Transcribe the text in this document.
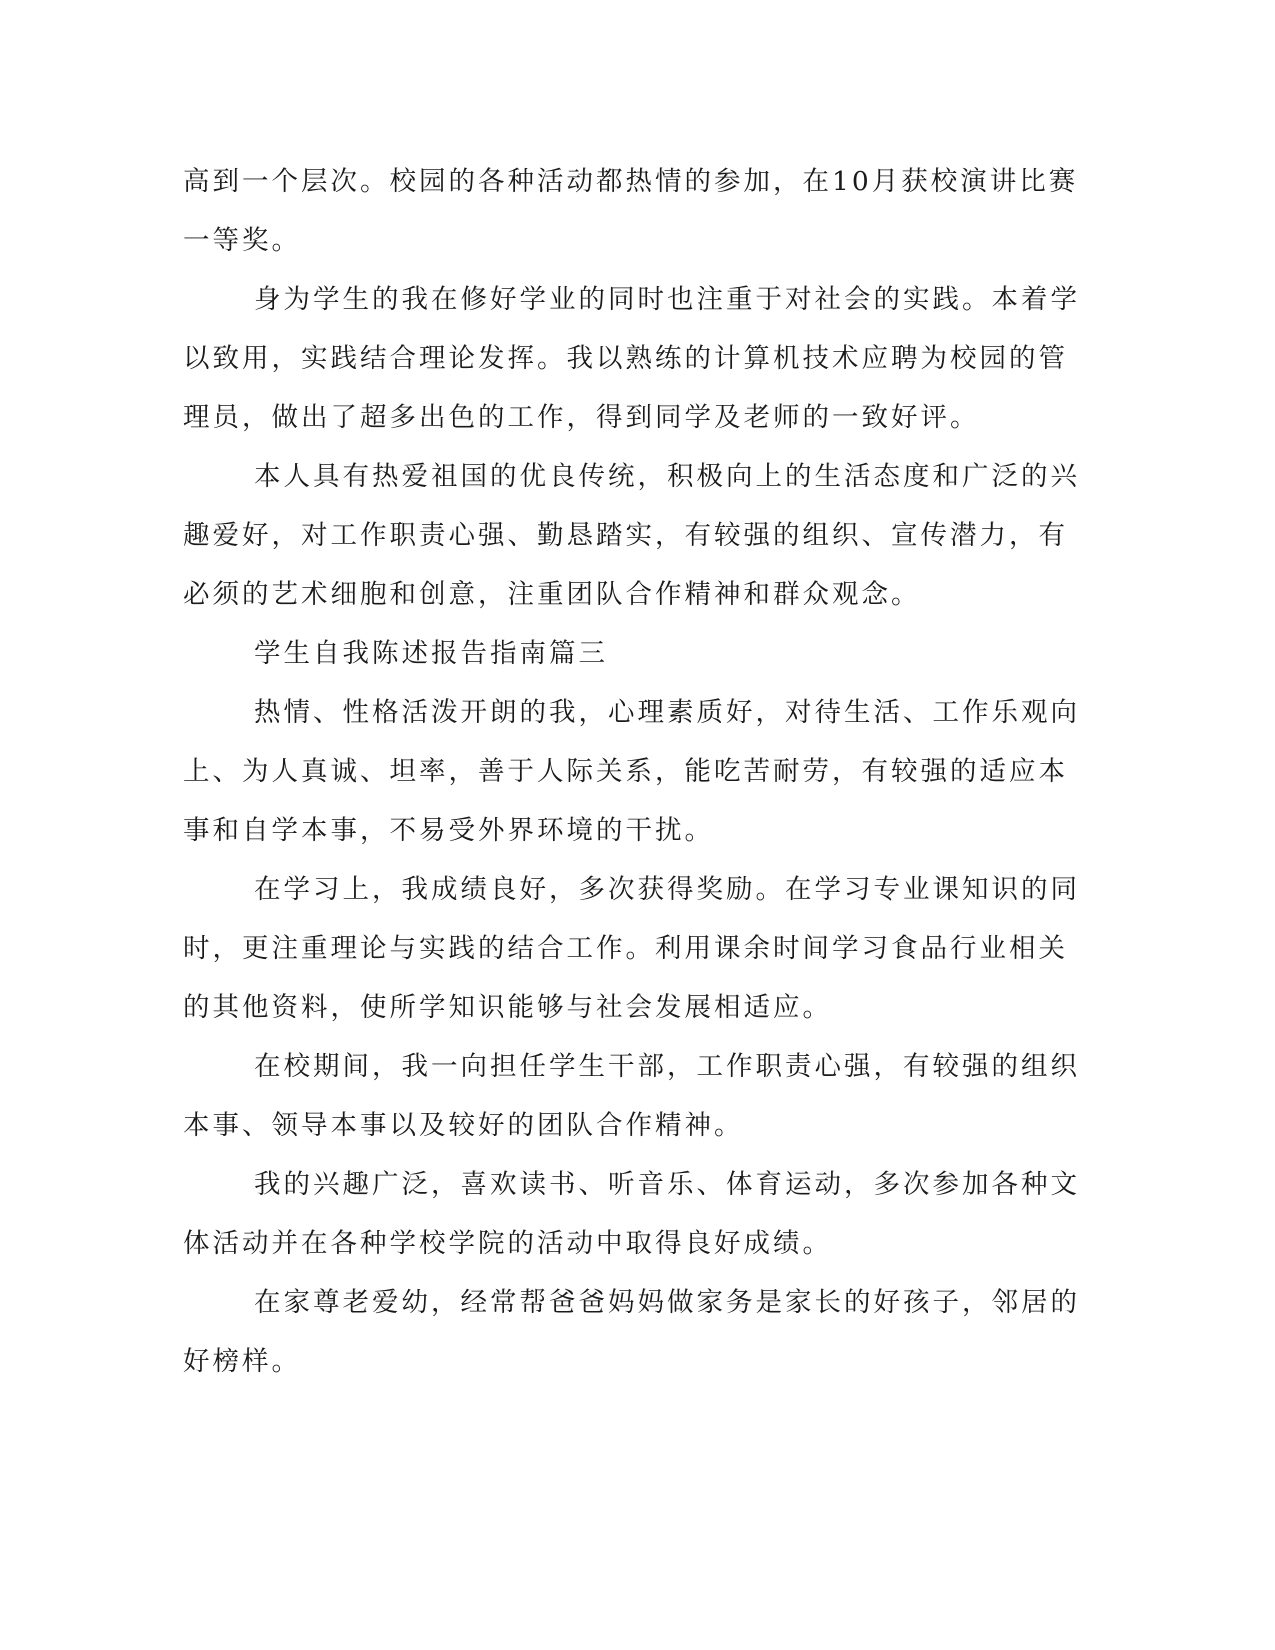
高到一个层次。校园的各种活动都热情的参加，在10月获校演讲比赛
一等奖。
身为学生的我在修好学业的同时也注重于对社会的实践。本着学
以致用，实践结合理论发挥。我以熟练的计算机技术应聘为校园的管
理员，做出了超多出色的工作，得到同学及老师的一致好评。
本人具有热爱祖国的优良传统，积极向上的生活态度和广泛的兴
趣爱好，对工作职责心强、勤恳踏实，有较强的组织、宣传潜力，有
必须的艺术细胞和创意，注重团队合作精神和群众观念。
学生自我陈述报告指南篇三
热情、性格活泼开朗的我，心理素质好，对待生活、工作乐观向
上、为人真诚、坦率，善于人际关系，能吃苦耐劳，有较强的适应本
事和自学本事，不易受外界环境的干扰。
在学习上，我成绩良好，多次获得奖励。在学习专业课知识的同
时，更注重理论与实践的结合工作。利用课余时间学习食品行业相关
的其他资料，使所学知识能够与社会发展相适应。
在校期间，我一向担任学生干部，工作职责心强，有较强的组织
本事、领导本事以及较好的团队合作精神。
我的兴趣广泛，喜欢读书、听音乐、体育运动，多次参加各种文
体活动并在各种学校学院的活动中取得良好成绩。
在家尊老爱幼，经常帮爸爸妈妈做家务是家长的好孩子，邻居的
好榜样。
